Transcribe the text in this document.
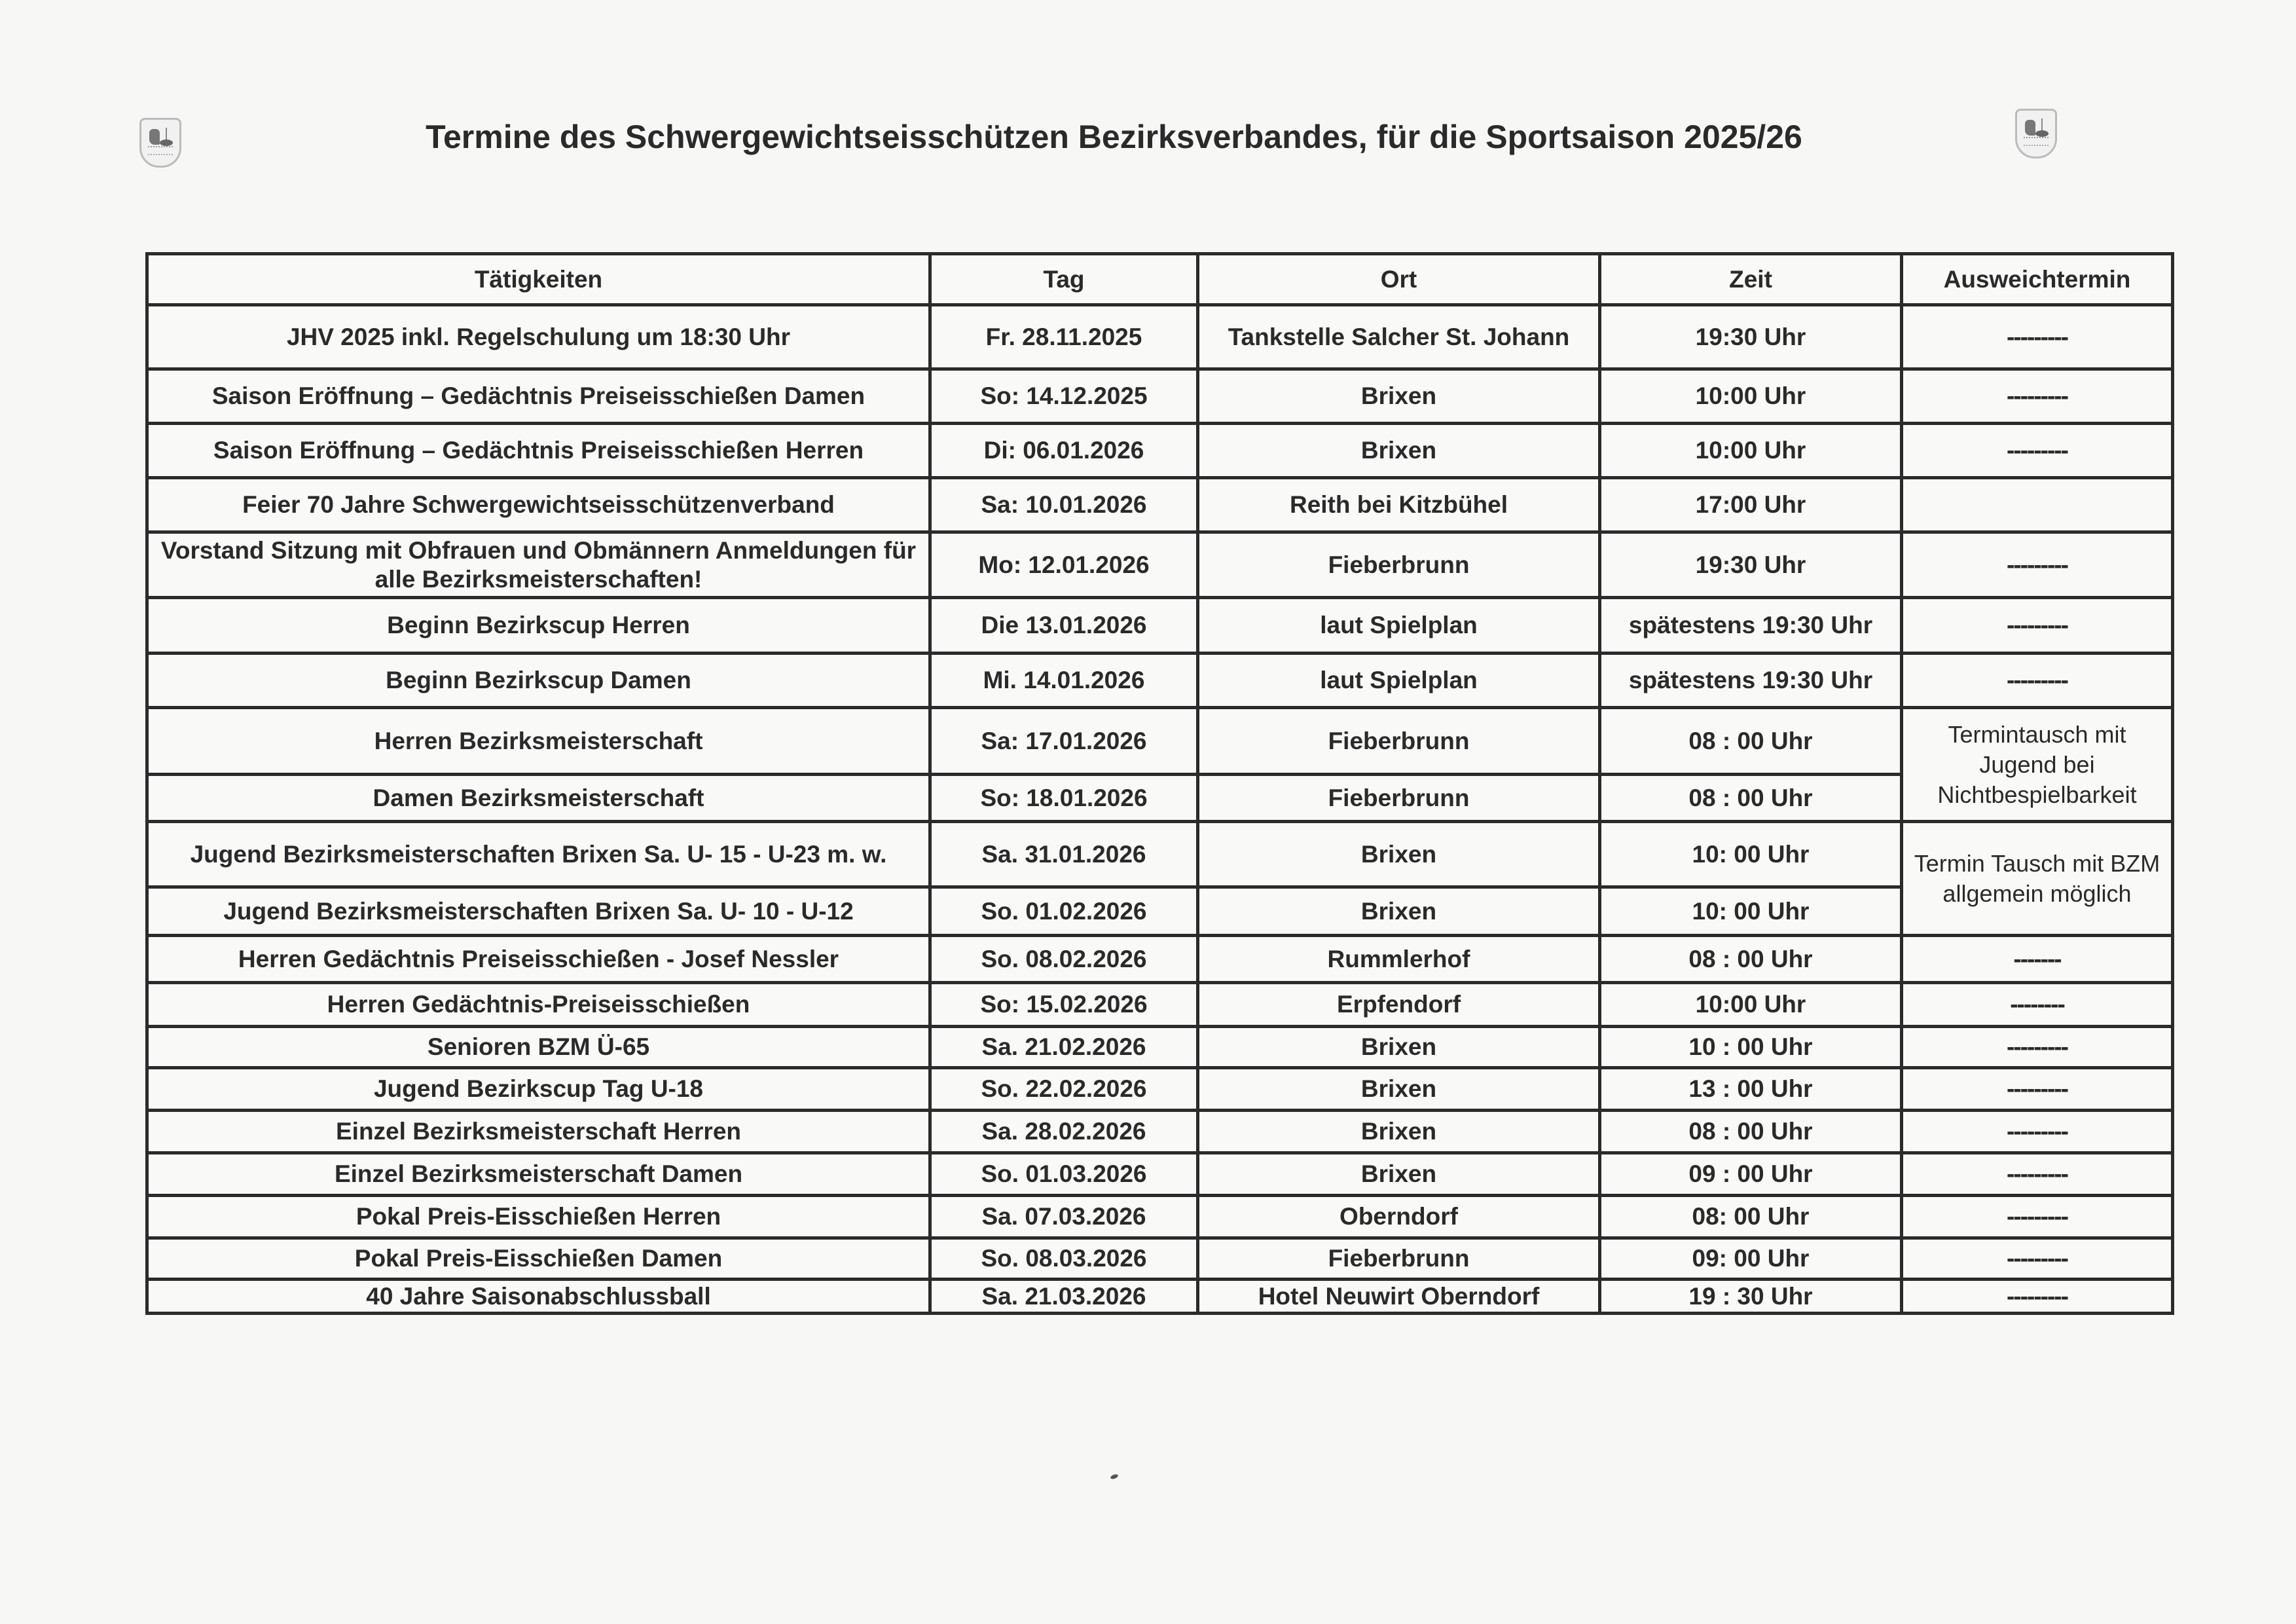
Termine des Schwergewichtseisschützen Bezirksverbandes, für die Sportsaison 2025/26
Tätigkeiten	Tag	Ort	Zeit	Ausweichtermin
JHV 2025 inkl. Regelschulung um 18:30 Uhr	Fr. 28.11.2025	Tankstelle Salcher St. Johann	19:30 Uhr	---------
Saison Eröffnung – Gedächtnis Preiseisschießen Damen	So: 14.12.2025	Brixen	10:00 Uhr	---------
Saison Eröffnung – Gedächtnis Preiseisschießen Herren	Di: 06.01.2026	Brixen	10:00 Uhr	---------
Feier 70 Jahre Schwergewichtseisschützenverband	Sa: 10.01.2026	Reith bei Kitzbühel	17:00 Uhr	
Vorstand Sitzung mit Obfrauen und Obmännern Anmeldungen für alle Bezirksmeisterschaften!	Mo: 12.01.2026	Fieberbrunn	19:30 Uhr	---------
Beginn Bezirkscup Herren	Die 13.01.2026	laut Spielplan	spätestens 19:30 Uhr	---------
Beginn Bezirkscup Damen	Mi. 14.01.2026	laut Spielplan	spätestens 19:30 Uhr	---------
Herren Bezirksmeisterschaft	Sa: 17.01.2026	Fieberbrunn	08 : 00 Uhr	Termintausch mit Jugend bei Nichtbespielbarkeit
Damen Bezirksmeisterschaft	So: 18.01.2026	Fieberbrunn	08 : 00 Uhr	
Jugend Bezirksmeisterschaften Brixen Sa. U- 15 - U-23 m. w.	Sa. 31.01.2026	Brixen	10: 00 Uhr	Termin Tausch mit BZM allgemein möglich
Jugend Bezirksmeisterschaften Brixen Sa. U- 10 - U-12	So. 01.02.2026	Brixen	10: 00 Uhr	
Herren Gedächtnis Preiseisschießen - Josef Nessler	So. 08.02.2026	Rummlerhof	08 : 00 Uhr	-------
Herren Gedächtnis-Preiseisschießen	So: 15.02.2026	Erpfendorf	10:00 Uhr	--------
Senioren BZM Ü-65	Sa. 21.02.2026	Brixen	10 : 00 Uhr	---------
Jugend Bezirkscup Tag U-18	So. 22.02.2026	Brixen	13 : 00 Uhr	---------
Einzel Bezirksmeisterschaft Herren	Sa. 28.02.2026	Brixen	08 : 00 Uhr	---------
Einzel Bezirksmeisterschaft Damen	So. 01.03.2026	Brixen	09 : 00 Uhr	---------
Pokal Preis-Eisschießen Herren	Sa. 07.03.2026	Oberndorf	08: 00 Uhr	---------
Pokal Preis-Eisschießen Damen	So. 08.03.2026	Fieberbrunn	09: 00 Uhr	---------
40 Jahre Saisonabschlussball	Sa. 21.03.2026	Hotel Neuwirt Oberndorf	19 : 30 Uhr	---------
